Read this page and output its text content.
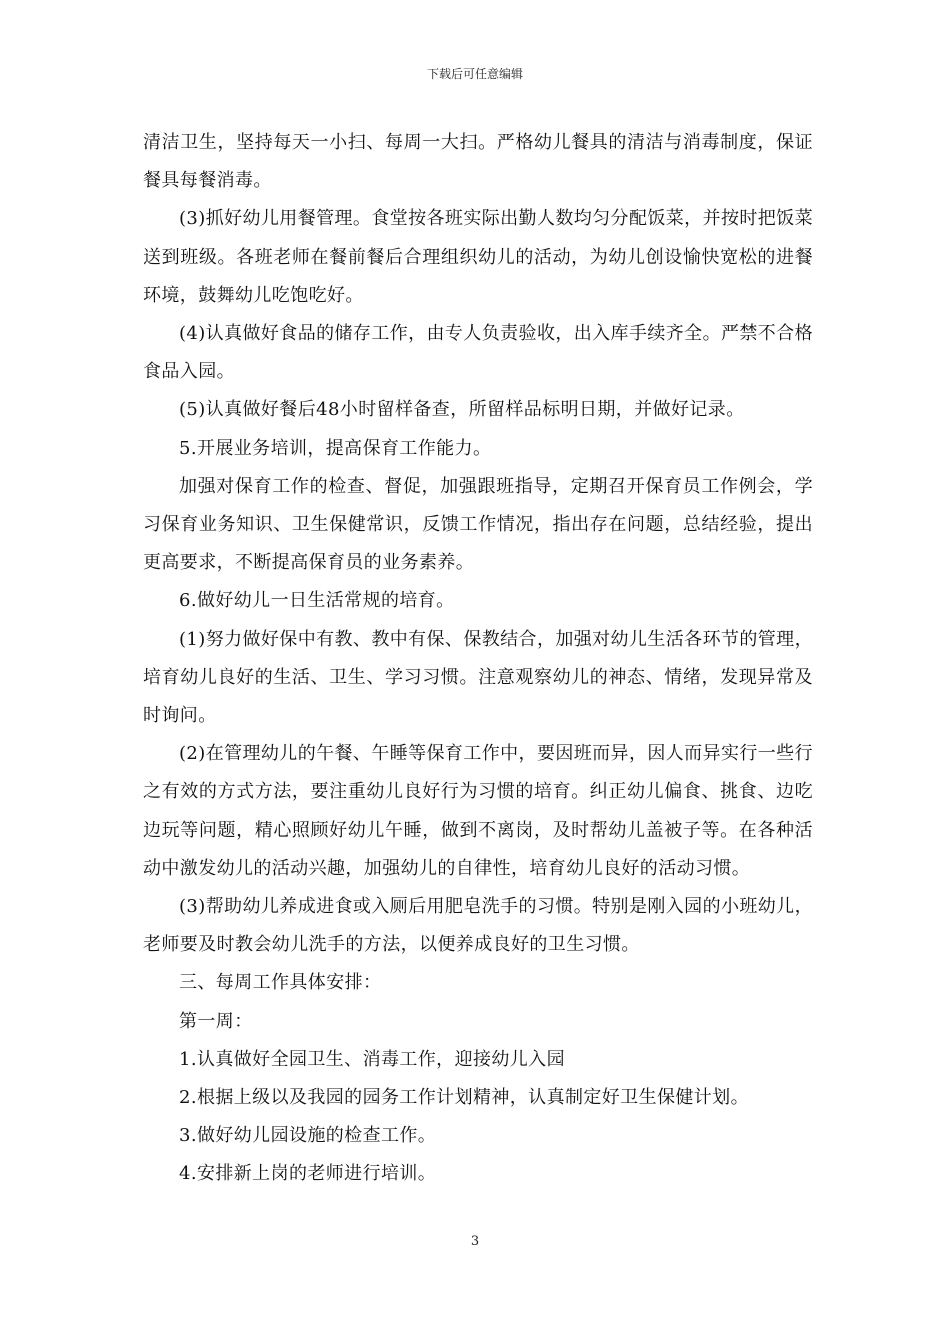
下载后可任意编辑

清洁卫生，坚持每天一小扫、每周一大扫。严格幼儿餐具的清洁与消毒制度，保证餐具每餐消毒。

(3)抓好幼儿用餐管理。食堂按各班实际出勤人数均匀分配饭菜，并按时把饭菜送到班级。各班老师在餐前餐后合理组织幼儿的活动，为幼儿创设愉快宽松的进餐环境，鼓舞幼儿吃饱吃好。

(4)认真做好食品的储存工作，由专人负责验收，出入库手续齐全。严禁不合格食品入园。

(5)认真做好餐后48小时留样备查，所留样品标明日期，并做好记录。

5.开展业务培训，提高保育工作能力。

加强对保育工作的检查、督促，加强跟班指导，定期召开保育员工作例会，学习保育业务知识、卫生保健常识，反馈工作情况，指出存在问题，总结经验，提出更高要求，不断提高保育员的业务素养。

6.做好幼儿一日生活常规的培育。

(1)努力做好保中有教、教中有保、保教结合，加强对幼儿生活各环节的管理，培育幼儿良好的生活、卫生、学习习惯。注意观察幼儿的神态、情绪，发现异常及时询问。

(2)在管理幼儿的午餐、午睡等保育工作中，要因班而异，因人而异实行一些行之有效的方式方法，要注重幼儿良好行为习惯的培育。纠正幼儿偏食、挑食、边吃边玩等问题，精心照顾好幼儿午睡，做到不离岗，及时帮幼儿盖被子等。在各种活动中激发幼儿的活动兴趣，加强幼儿的自律性，培育幼儿良好的活动习惯。

(3)帮助幼儿养成进食或入厕后用肥皂洗手的习惯。特别是刚入园的小班幼儿，老师要及时教会幼儿洗手的方法，以便养成良好的卫生习惯。

三、每周工作具体安排：

第一周：

1.认真做好全园卫生、消毒工作，迎接幼儿入园

2.根据上级以及我园的园务工作计划精神，认真制定好卫生保健计划。

3.做好幼儿园设施的检查工作。

4.安排新上岗的老师进行培训。

3
